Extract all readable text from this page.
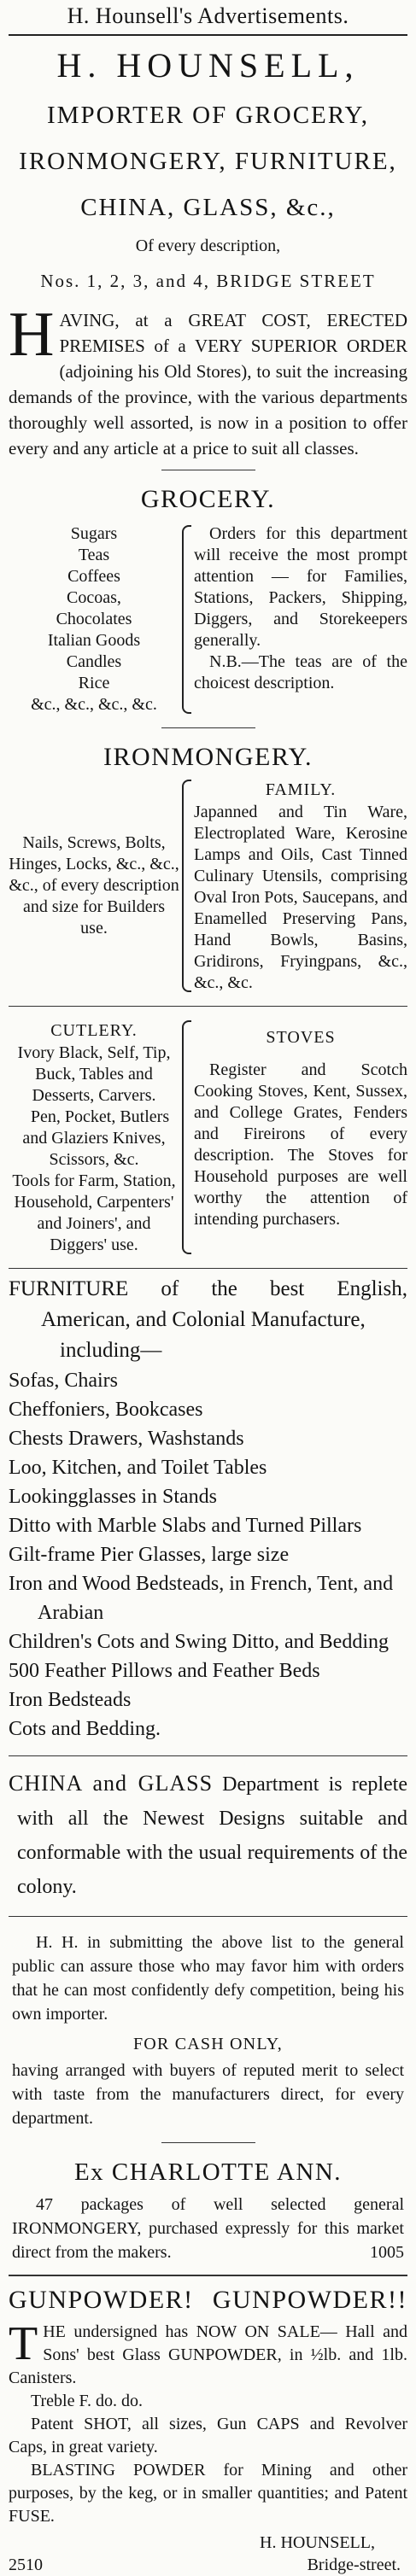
H. Hounsell's Advertisements.
H. HOUNSELL,
IMPORTER OF GROCERY,
IRONMONGERY, FURNITURE,
CHINA, GLASS, &c.,
Of every description,
Nos. 1, 2, 3, and 4, BRIDGE STREET
H AVING, at a GREAT COST, ERECTED PREMISES of a VERY SUPERIOR ORDER (adjoining his Old Stores), to suit the increasing demands of the province, with the various departments thoroughly well assorted, is now in a position to offer every and any article at a price to suit all classes.
GROCERY.
Sugars
Teas
Coffees
Cocoas,
Chocolates
Italian Goods
Candles
Rice
&c., &c., &c., &c.
Orders for this department will receive the most prompt attention — for Families, Stations, Packers, Shipping, Diggers, and Storekeepers generally.
N.B.—The teas are of the choicest description.
IRONMONGERY.
Nails, Screws, Bolts, Hinges, Locks, &c., &c., &c., of every description and size for Builders use.
FAMILY.
Japanned and Tin Ware, Electroplated Ware, Kerosine Lamps and Oils, Cast Tinned Culinary Utensils, comprising Oval Iron Pots, Saucepans, and Enamelled Preserving Pans, Hand Bowls, Basins, Gridirons, Fryingpans, &c., &c., &c.
CUTLERY.
Ivory Black, Self, Tip, Buck, Tables and Desserts, Carvers.
Pen, Pocket, Butlers and Glaziers Knives, Scissors, &c.
Tools for Farm, Station, Household, Carpenters' and Joiners', and Diggers' use.
STOVES
Register and Scotch Cooking Stoves, Kent, Sussex, and College Grates, Fenders and Fireirons of every description. The Stoves for Household purposes are well worthy the attention of intending purchasers.
FURNITURE of the best English,
American, and Colonial Manufacture,
including—
Sofas, Chairs
Cheffoniers, Bookcases
Chests Drawers, Washstands
Loo, Kitchen, and Toilet Tables
Lookingglasses in Stands
Ditto with Marble Slabs and Turned Pillars
Gilt-frame Pier Glasses, large size
Iron and Wood Bedsteads, in French, Tent, and Arabian
Children's Cots and Swing Ditto, and Bedding
500 Feather Pillows and Feather Beds
Iron Bedsteads
Cots and Bedding.
CHINA and GLASS Department is replete with all the Newest Designs suitable and conformable with the usual requirements of the colony.
H. H. in submitting the above list to the general public can assure those who may favor him with orders that he can most confidently defy competition, being his own importer.
FOR CASH ONLY,
having arranged with buyers of reputed merit to select with taste from the manufacturers direct, for every department.
Ex CHARLOTTE ANN.
47 packages of well selected general IRONMONGERY, purchased expressly for this market direct from the makers.	1005
GUNPOWDER! GUNPOWDER!!

THE undersigned has NOW ON SALE— Hall and Sons' best Glass GUNPOWDER, in ½lb. and 1lb. Canisters.

Treble F. do. do.

Patent SHOT, all sizes, Gun CAPS and Revolver Caps, in great variety.

BLASTING POWDER for Mining and other purposes, by the keg, or in smaller quantities; and Patent FUSE.

2510
H. HOUNSELL,
Bridge-street.
